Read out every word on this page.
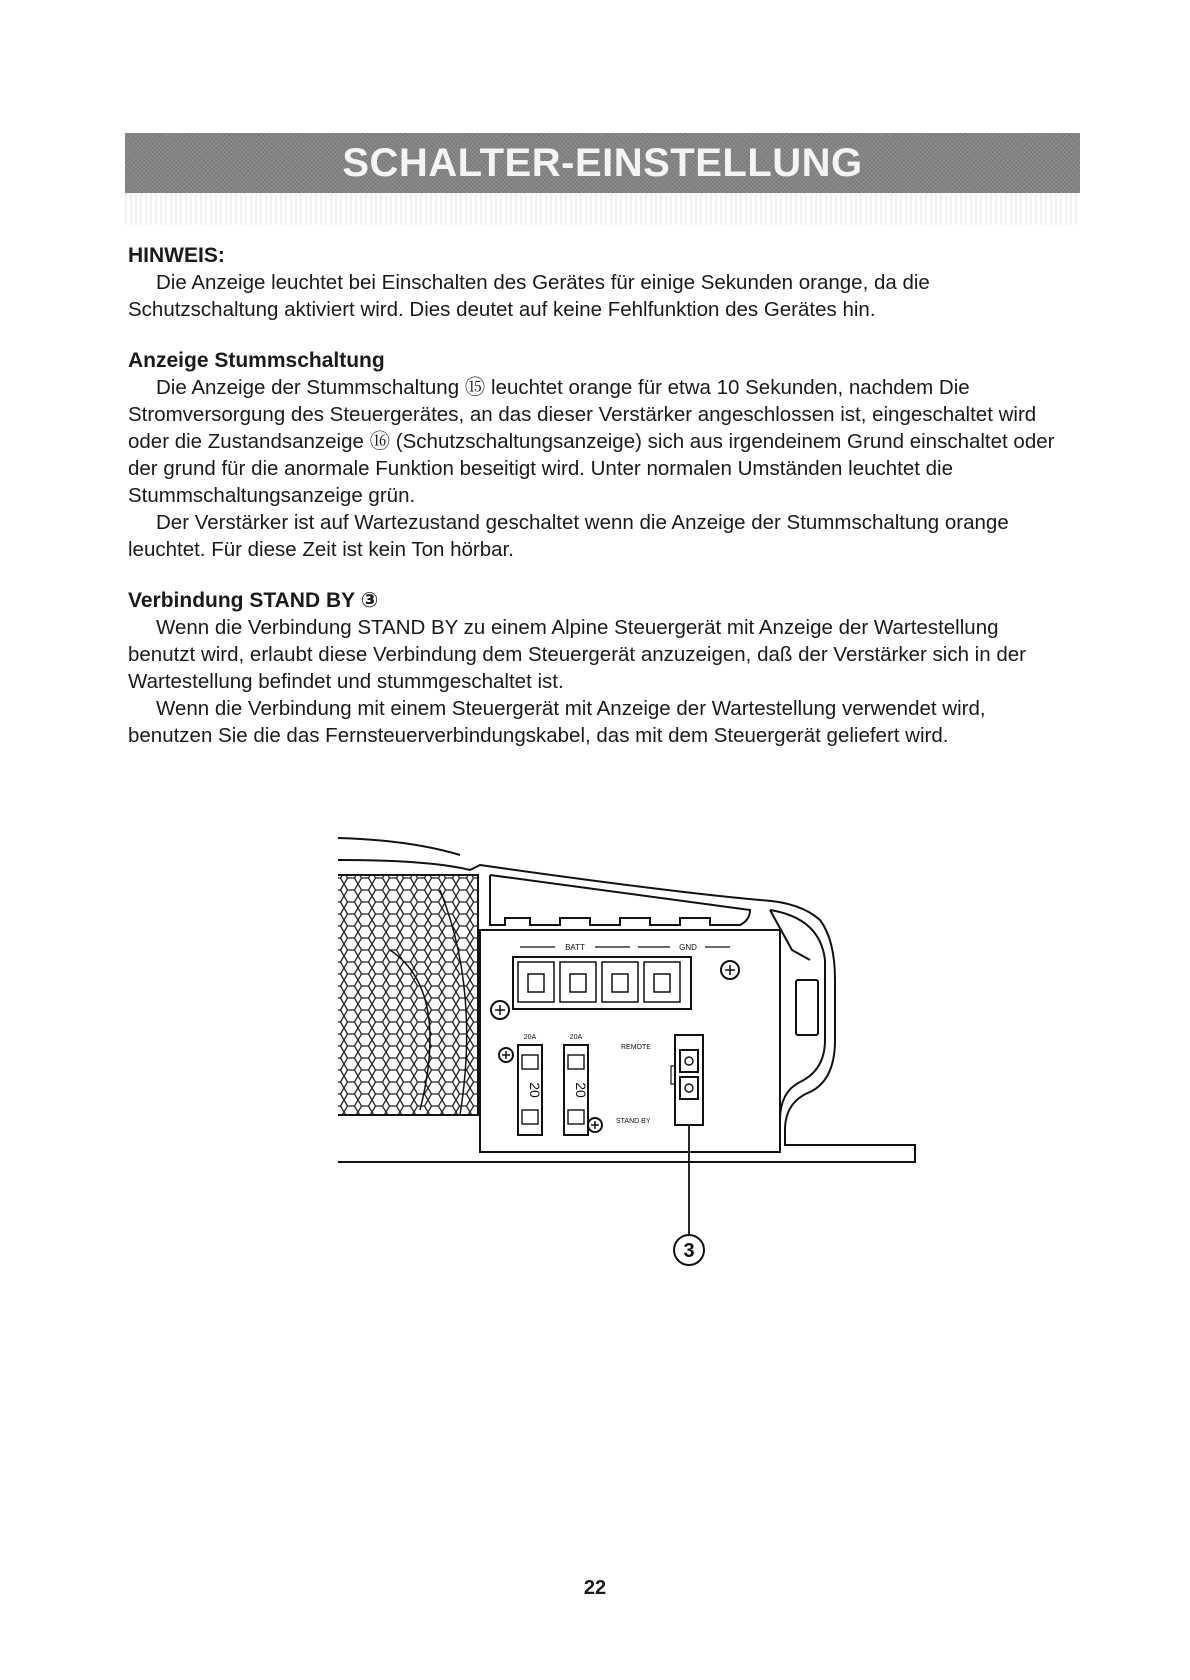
SCHALTER-EINSTELLUNG
HINWEIS:

Die Anzeige leuchtet bei Einschalten des Gerätes für einige Sekunden orange, da die Schutzschaltung aktiviert wird. Dies deutet auf keine Fehlfunktion des Gerätes hin.

Anzeige Stummschaltung

Die Anzeige der Stummschaltung ⑮ leuchtet orange für etwa 10 Sekunden, nachdem Die Stromversorgung des Steuergerätes, an das dieser Verstärker angeschlossen ist, eingeschaltet wird oder die Zustandsanzeige ⑯ (Schutzschaltungsanzeige) sich aus irgendeinem Grund einschaltet oder der grund für die anormale Funktion beseitigt wird. Unter normalen Umständen leuchtet die Stummschaltungsanzeige grün.

Der Verstärker ist auf Wartezustand geschaltet wenn die Anzeige der Stummschaltung orange leuchtet. Für diese Zeit ist kein Ton hörbar.

Verbindung STAND BY ③

Wenn die Verbindung STAND BY zu einem Alpine Steuergerät mit Anzeige der Wartestellung benutzt wird, erlaubt diese Verbindung dem Steuergerät anzuzeigen, daß der Verstärker sich in der Wartestellung befindet und stummgeschaltet ist.

Wenn die Verbindung mit einem Steuergerät mit Anzeige der Wartestellung verwendet wird, benutzen Sie die das Fernsteuerverbindungskabel, das mit dem Steuergerät geliefert wird.

BATT	GND
20A	20A
20 20
REMOTE
STAND BY
3
22
